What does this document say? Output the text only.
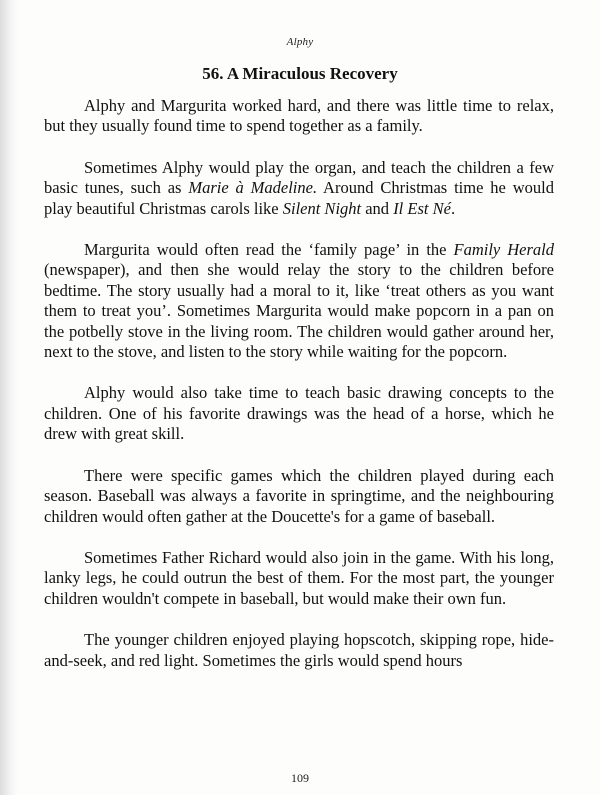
Alphy
56. A Miraculous Recovery

Alphy and Margurita worked hard, and there was little time to relax, but they usually found time to spend together as a family.

Sometimes Alphy would play the organ, and teach the children a few basic tunes, such as Marie à Madeline. Around Christmas time he would play beautiful Christmas carols like Silent Night and Il Est Né.

Margurita would often read the ‘family page’ in the Family Herald (newspaper), and then she would relay the story to the children before bedtime. The story usually had a moral to it, like ‘treat others as you want them to treat you’. Sometimes Margurita would make popcorn in a pan on the potbelly stove in the living room. The children would gather around her, next to the stove, and listen to the story while waiting for the popcorn.

Alphy would also take time to teach basic drawing concepts to the children. One of his favorite drawings was the head of a horse, which he drew with great skill.

There were specific games which the children played during each season. Baseball was always a favorite in springtime, and the neighbouring children would often gather at the Doucette's for a game of baseball.

Sometimes Father Richard would also join in the game. With his long, lanky legs, he could outrun the best of them. For the most part, the younger children wouldn't compete in baseball, but would make their own fun.

The younger children enjoyed playing hopscotch, skipping rope, hide-and-seek, and red light. Sometimes the girls would spend hours

109
